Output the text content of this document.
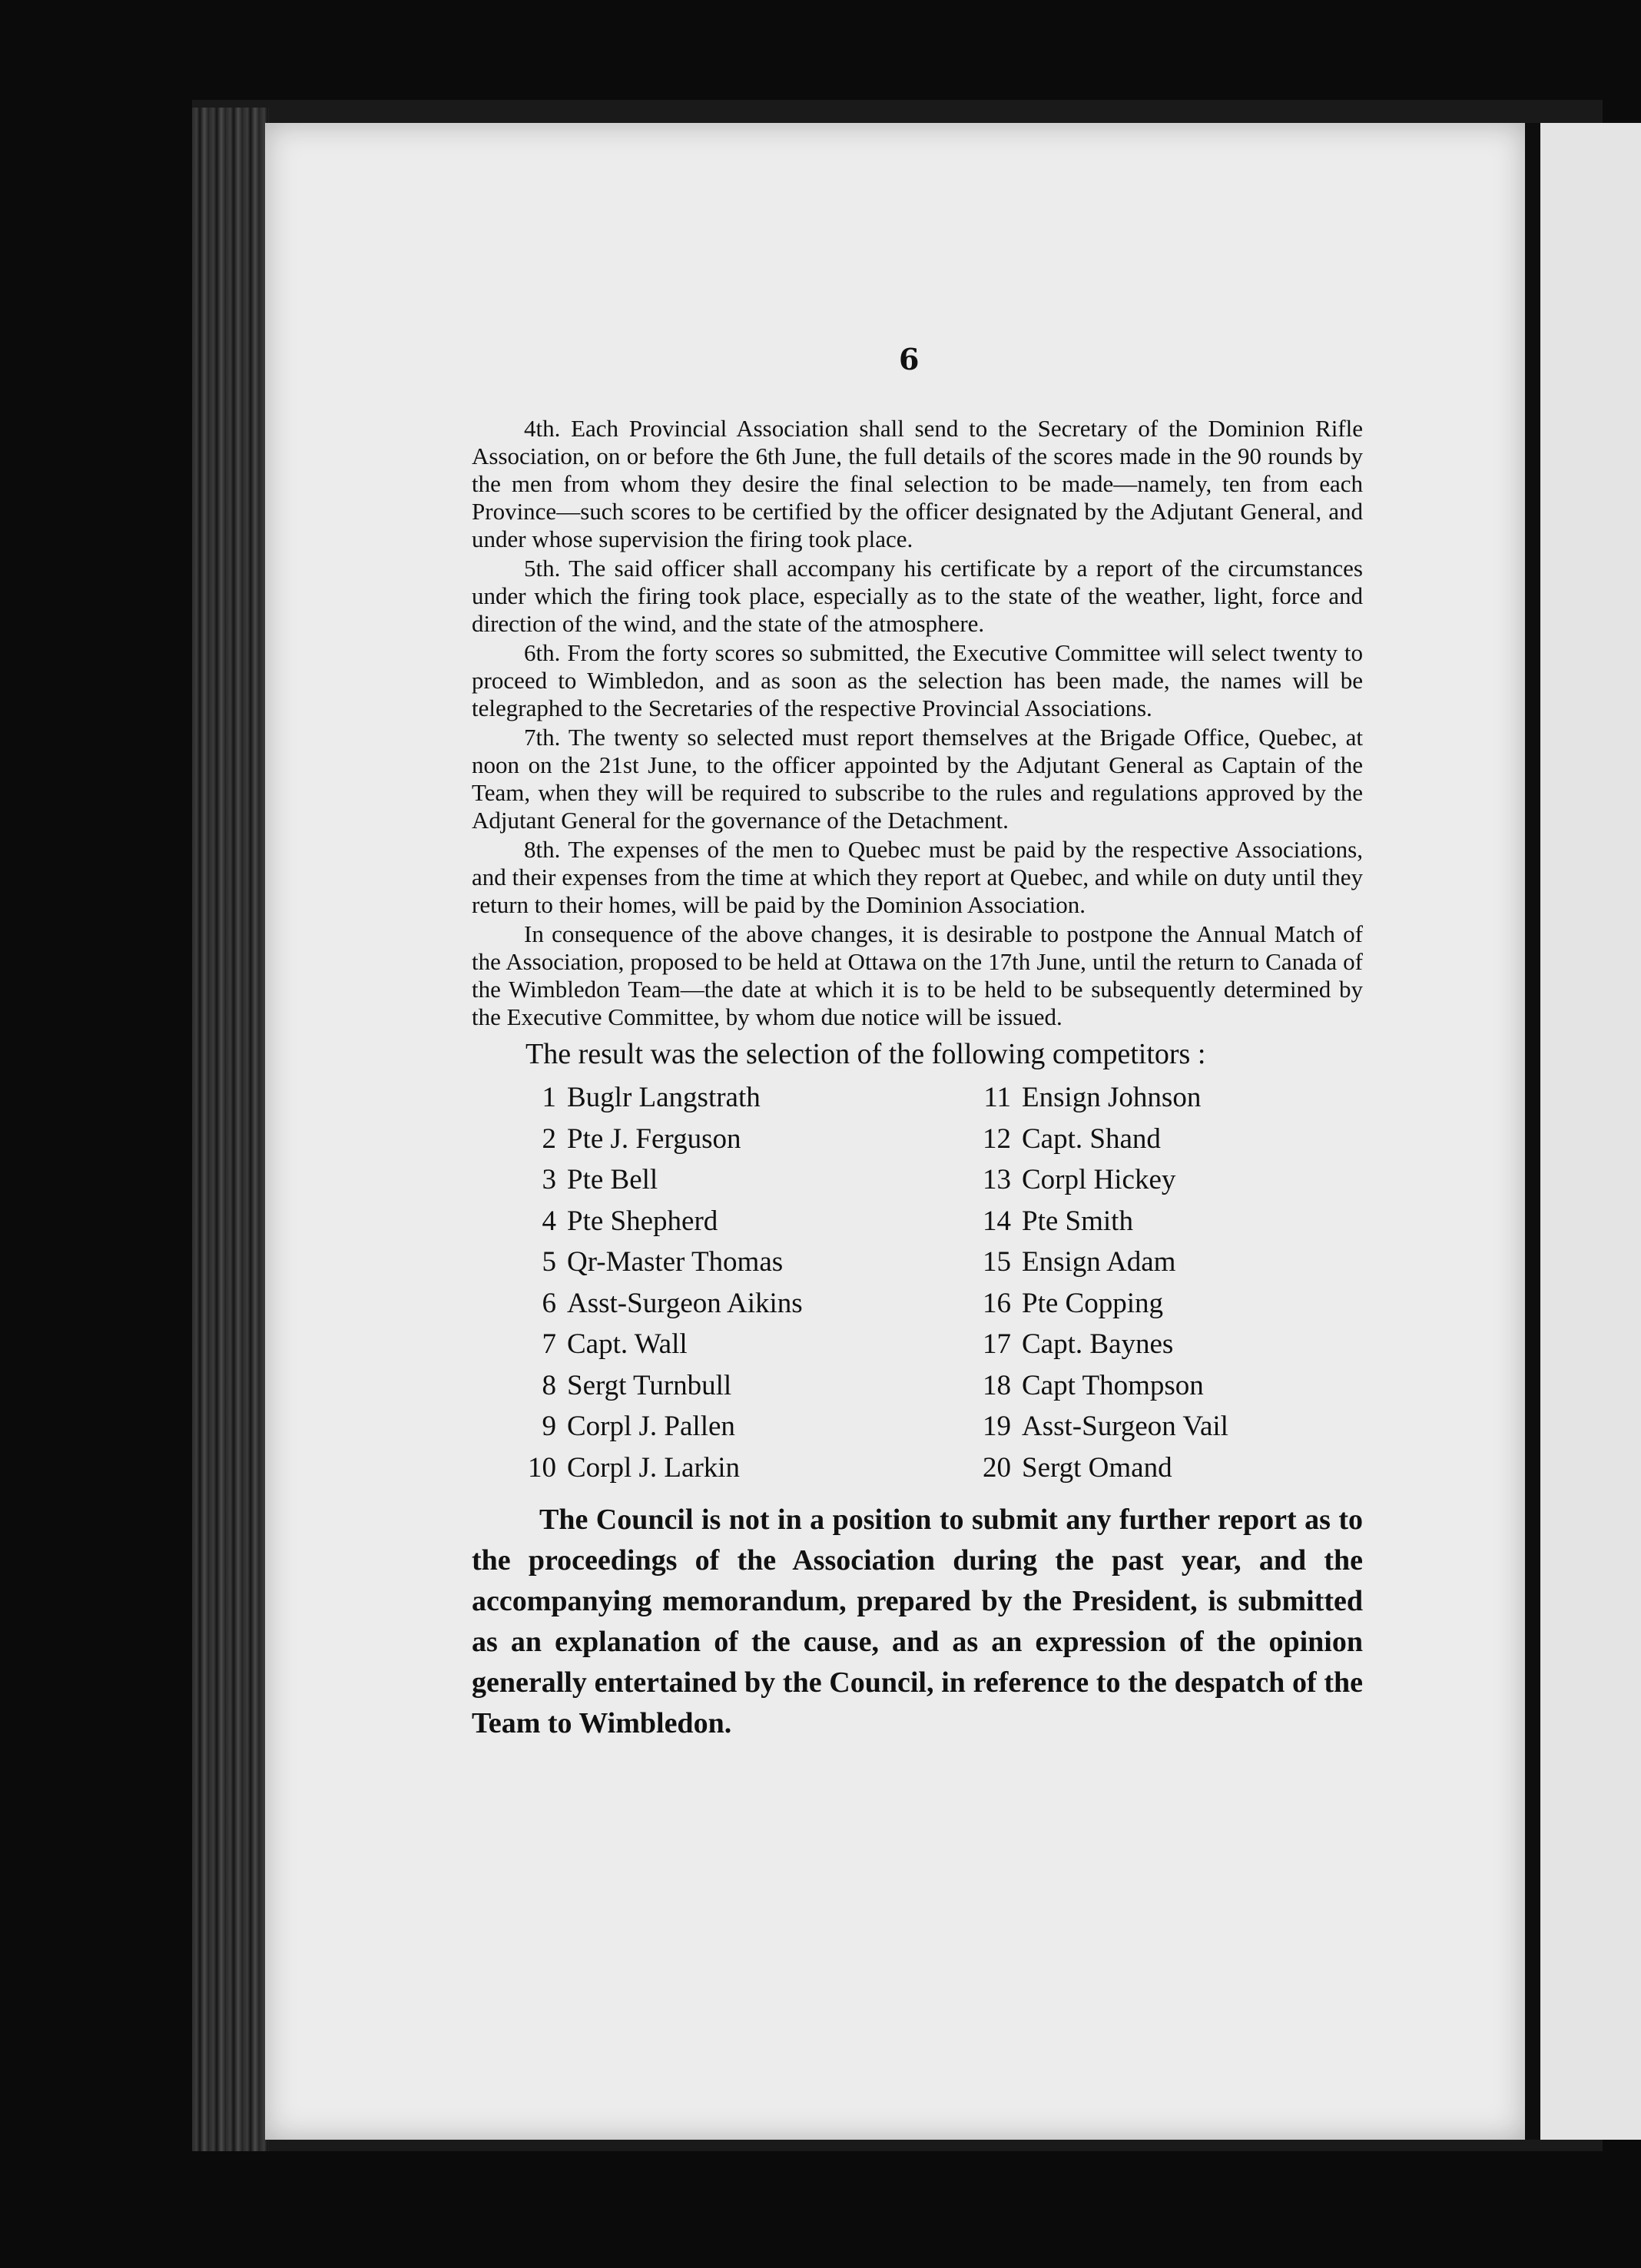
6

4th. Each Provincial Association shall send to the Secretary of the Dominion Rifle Association, on or before the 6th June, the full details of the scores made in the 90 rounds by the men from whom they desire the final selection to be made—namely, ten from each Province—such scores to be certified by the officer designated by the Adjutant General, and under whose supervision the firing took place.

5th. The said officer shall accompany his certificate by a report of the circumstances under which the firing took place, especially as to the state of the weather, light, force and direction of the wind, and the state of the atmosphere.

6th. From the forty scores so submitted, the Executive Committee will select twenty to proceed to Wimbledon, and as soon as the selection has been made, the names will be telegraphed to the Secretaries of the respective Provincial Associations.

7th. The twenty so selected must report themselves at the Brigade Office, Quebec, at noon on the 21st June, to the officer appointed by the Adjutant General as Captain of the Team, when they will be required to subscribe to the rules and regulations approved by the Adjutant General for the governance of the Detachment.

8th. The expenses of the men to Quebec must be paid by the respective Associations, and their expenses from the time at which they report at Quebec, and while on duty until they return to their homes, will be paid by the Dominion Association.

In consequence of the above changes, it is desirable to postpone the Annual Match of the Association, proposed to be held at Ottawa on the 17th June, until the return to Canada of the Wimbledon Team—the date at which it is to be held to be subsequently determined by the Executive Committee, by whom due notice will be issued.

The result was the selection of the following competitors :
1 Buglr Langstrath
2 Pte J. Ferguson
3 Pte Bell
4 Pte Shepherd
5 Qr-Master Thomas
6 Asst-Surgeon Aikins
7 Capt. Wall
8 Sergt Turnbull
9 Corpl J. Pallen
10 Corpl J. Larkin
11 Ensign Johnson
12 Capt. Shand
13 Corpl Hickey
14 Pte Smith
15 Ensign Adam
16 Pte Copping
17 Capt. Baynes
18 Capt Thompson
19 Asst-Surgeon Vail
20 Sergt Omand

The Council is not in a position to submit any further report as to the proceedings of the Association during the past year, and the accompanying memorandum, prepared by the President, is submitted as an explanation of the cause, and as an expression of the opinion generally entertained by the Council, in reference to the despatch of the Team to Wimbledon.
